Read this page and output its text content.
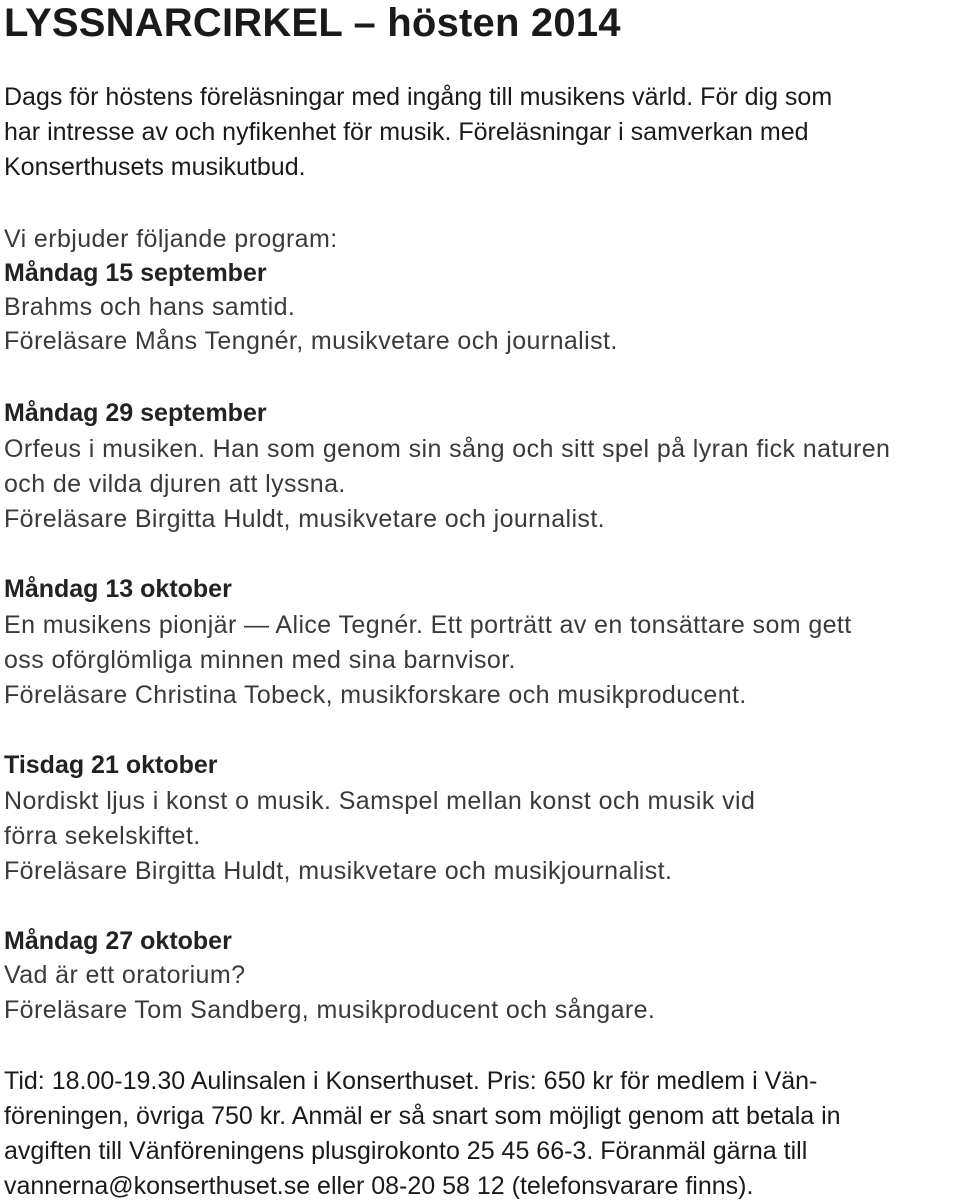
LYSSNARCIRKEL – hösten 2014

Dags för höstens föreläsningar med ingång till musikens värld. För dig som

har intresse av och nyfikenhet för musik. Föreläsningar i samverkan med

Konserthusets musikutbud.

Vi erbjuder följande program:

Måndag 15 september

Brahms och hans samtid.

Föreläsare Måns Tengnér, musikvetare och journalist.

Måndag 29 september

Orfeus i musiken. Han som genom sin sång och sitt spel på lyran fick naturen

och de vilda djuren att lyssna.

Föreläsare Birgitta Huldt, musikvetare och journalist.

Måndag 13 oktober

En musikens pionjär — Alice Tegnér. Ett porträtt av en tonsättare som gett

oss oförglömliga minnen med sina barnvisor.

Föreläsare Christina Tobeck, musikforskare och musikproducent.

Tisdag 21 oktober

Nordiskt ljus i konst o musik. Samspel mellan konst och musik vid

förra sekelskiftet.

Föreläsare Birgitta Huldt, musikvetare och musikjournalist.

Måndag 27 oktober

Vad är ett oratorium?

Föreläsare Tom Sandberg, musikproducent och sångare.

Tid: 18.00-19.30 Aulinsalen i Konserthuset. Pris: 650 kr för medlem i Vän-

föreningen, övriga 750 kr. Anmäl er så snart som möjligt genom att betala in

avgiften till Vänföreningens plusgirokonto 25 45 66-3. Föranmäl gärna till

vannerna@konserthuset.se eller 08-20 58 12 (telefonsvarare finns).
